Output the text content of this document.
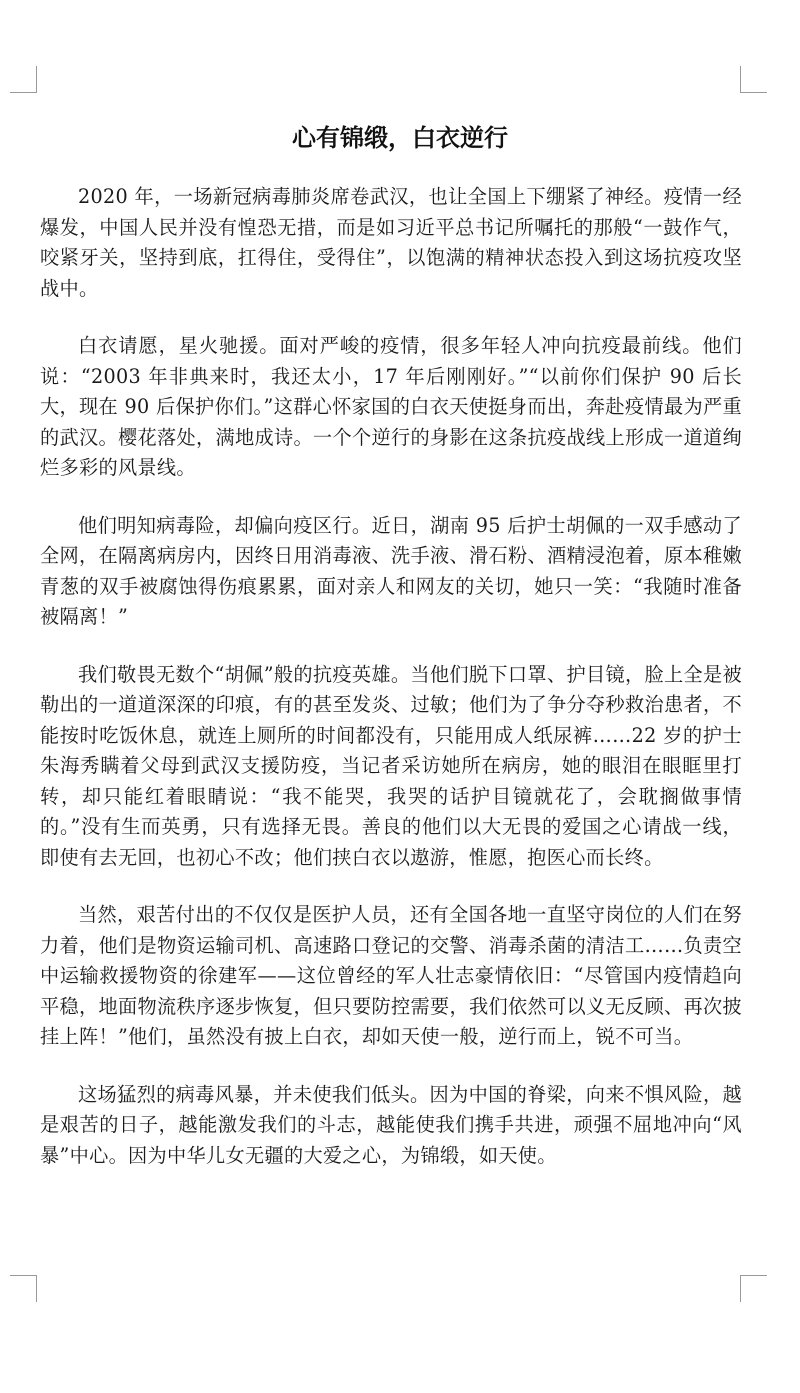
心有锦缎，白衣逆行

2020 年，一场新冠病毒肺炎席卷武汉，也让全国上下绷紧了神经。疫情一经爆发，中国人民并没有惶恐无措，而是如习近平总书记所嘱托的那般“一鼓作气，咬紧牙关，坚持到底，扛得住，受得住”，以饱满的精神状态投入到这场抗疫攻坚战中。

白衣请愿，星火驰援。面对严峻的疫情，很多年轻人冲向抗疫最前线。他们说：“2003 年非典来时，我还太小，17 年后刚刚好。”“以前你们保护 90 后长大，现在 90 后保护你们。”这群心怀家国的白衣天使挺身而出，奔赴疫情最为严重的武汉。樱花落处，满地成诗。一个个逆行的身影在这条抗疫战线上形成一道道绚烂多彩的风景线。

他们明知病毒险，却偏向疫区行。近日，湖南 95 后护士胡佩的一双手感动了全网，在隔离病房内，因终日用消毒液、洗手液、滑石粉、酒精浸泡着，原本稚嫩青葱的双手被腐蚀得伤痕累累，面对亲人和网友的关切，她只一笑：“我随时准备被隔离！”

我们敬畏无数个“胡佩”般的抗疫英雄。当他们脱下口罩、护目镜，脸上全是被勒出的一道道深深的印痕，有的甚至发炎、过敏；他们为了争分夺秒救治患者，不能按时吃饭休息，就连上厕所的时间都没有，只能用成人纸尿裤……22 岁的护士朱海秀瞒着父母到武汉支援防疫，当记者采访她所在病房，她的眼泪在眼眶里打转，却只能红着眼睛说：“我不能哭，我哭的话护目镜就花了，会耽搁做事情的。”没有生而英勇，只有选择无畏。善良的他们以大无畏的爱国之心请战一线，即使有去无回，也初心不改；他们挟白衣以遨游，惟愿，抱医心而长终。

当然，艰苦付出的不仅仅是医护人员，还有全国各地一直坚守岗位的人们在努力着，他们是物资运输司机、高速路口登记的交警、消毒杀菌的清洁工……负责空中运输救援物资的徐建军——这位曾经的军人壮志豪情依旧：“尽管国内疫情趋向平稳，地面物流秩序逐步恢复，但只要防控需要，我们依然可以义无反顾、再次披挂上阵！”他们，虽然没有披上白衣，却如天使一般，逆行而上，锐不可当。

这场猛烈的病毒风暴，并未使我们低头。因为中国的脊梁，向来不惧风险，越是艰苦的日子，越能激发我们的斗志，越能使我们携手共进，顽强不屈地冲向“风暴”中心。因为中华儿女无疆的大爱之心，为锦缎，如天使。
